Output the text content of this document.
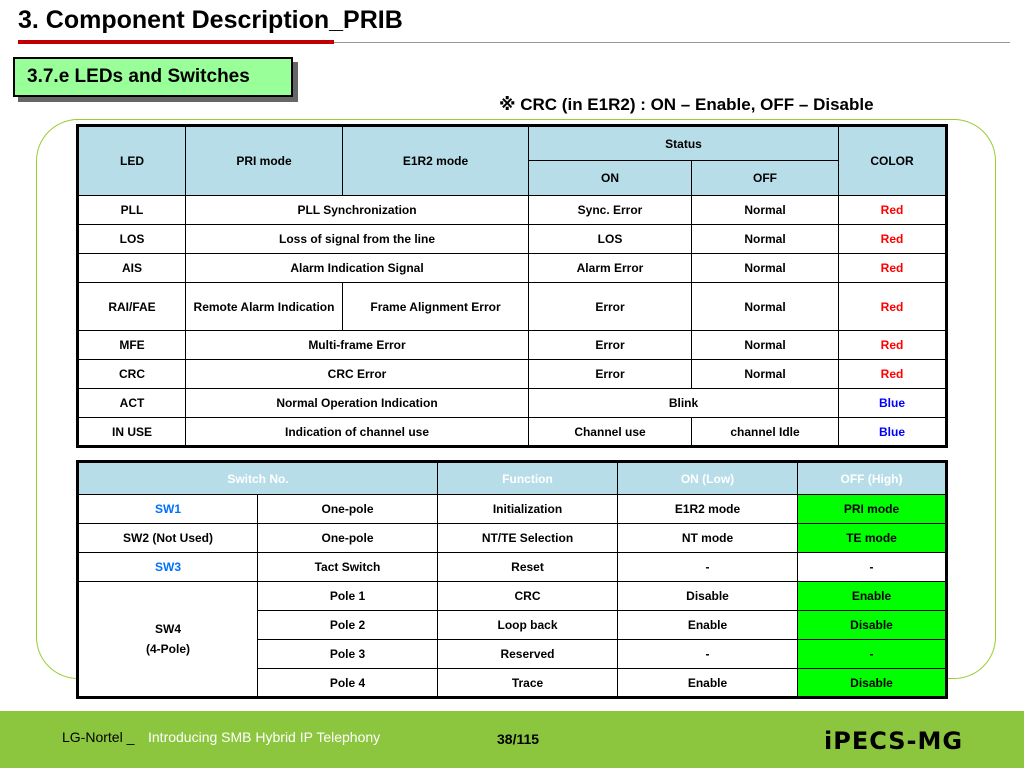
3. Component Description_PRIB
3.7.e LEDs and Switches
※ CRC (in E1R2) : ON – Enable, OFF – Disable
LED	PRI mode	E1R2 mode	Status		COLOR
			ON	OFF	
PLL	PLL Synchronization		Sync. Error	Normal	Red
LOS	Loss of signal from the line		LOS	Normal	Red
AIS	Alarm Indication Signal		Alarm Error	Normal	Red
RAI/FAE	Remote Alarm Indication	Frame Alignment Error	Error	Normal	Red
MFE	Multi-frame Error		Error	Normal	Red
CRC	CRC Error		Error	Normal	Red
ACT	Normal Operation Indication		Blink		Blue
IN USE	Indication of channel use		Channel use	channel Idle	Blue
Switch No.		Function	ON (Low)	OFF (High)
SW1	One-pole	Initialization	E1R2 mode	PRI mode
SW2 (Not Used)	One-pole	NT/TE Selection	NT mode	TE mode
SW3	Tact Switch	Reset	-	-

SW4
(4-Pole)	Pole 1	CRC	Disable	Enable
	Pole 2	Loop back	Enable	Disable
	Pole 3	Reserved	-	-
	Pole 4	Trace	Enable	Disable
LG-Nortel _ Introducing SMB Hybrid IP Telephony	38/115	iPECS-MG
